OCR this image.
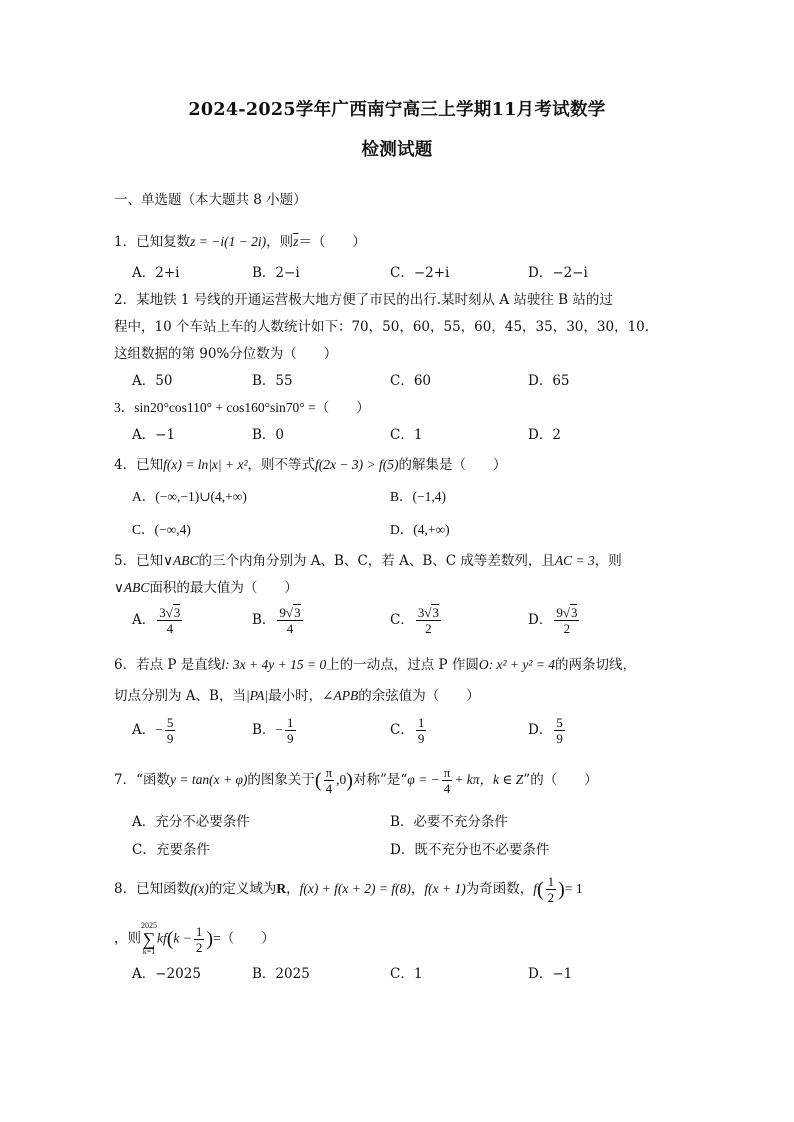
2024-2025学年广西南宁高三上学期11月考试数学
检测试题
一、单选题（本大题共 8 小题）
1．已知复数z = −i(1 − 2i)，则$\overline{z}=$（　　）
A．2+i	B．2−i	C．−2+i	D．−2−i
2．某地铁 1 号线的开通运营极大地方便了市民的出行.某时刻从 A 站驶往 B 站的过
程中，10 个车站上车的人数统计如下：70，50，60，55，60，45，35，30，30，10.
这组数据的第 90%分位数为（　　）
A．50	B．55	C．60	D．65
3．sin20°cos110° + cos160°sin70° =（　　）
A．−1	B．0	C．1	D．2
4．已知f(x) = ln|x| + x²，则不等式f(2x − 3) > f(5)的解集是（　　）
A．(−∞,−1)∪(4,+∞)	B．(−1,4)
C．(−∞,4)	D．(4,+∞)
5．已知∨ABC的三个内角分别为 A、B、C，若 A、B、C 成等差数列，且AC = 3，则
∨ABC面积的最大值为（　　）
A． $\frac{3√3}{4}$	B． $\frac{9√3}{4}$	C． $\frac{3√3}{2}$	D． $\frac{9√3}{2}$
6．若点 P 是直线l: 3x + 4y + 15 = 0上的一动点，过点 P 作圆O: x² + y² = 4的两条切线，
切点分别为 A、B，当|PA|最小时，∠APB的余弦值为（　　）
A．− $\frac{5}{9}$	B．− $\frac{1}{9}$	C． $\frac{1}{9}$	D． $\frac{5}{9}$
7．“函数y = tan(x + φ)的图象关于( $\frac{\pi}{4} ,0$)对称”是“φ = − $\frac{\pi}{4} + k\pi$，k ∈ Z”的（　　）
A．充分不必要条件	B．必要不充分条件
C．充要条件	D．既不充分也不必要条件
8．已知函数f(x)的定义域为R，f(x) + f(x + 2) = f(8)，f(x + 1)为奇函数，$f( \frac{1}{2}$ )= 1
，则2025
∑
$k=1kf(k - \frac{1}{2}$ )=（　　）
A．−2025	B．2025	C．1	D．−1
